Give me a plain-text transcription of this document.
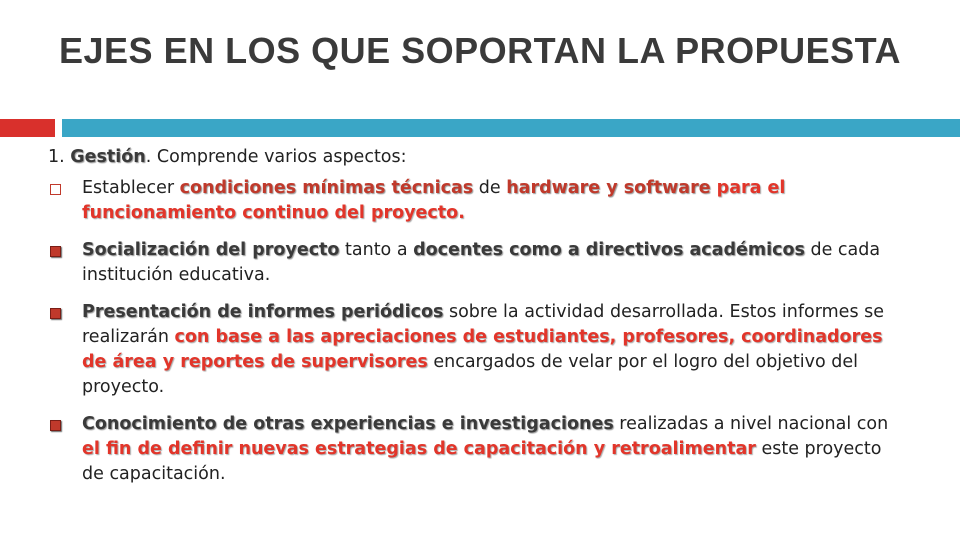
EJES EN LOS QUE SOPORTAN LA PROPUESTA
1. Gestión. Comprende varios aspectos:
Establecer condiciones mínimas técnicas de hardware y software para el funcionamiento continuo del proyecto.
Socialización del proyecto tanto a docentes como a directivos académicos de cada institución educativa.
Presentación de informes periódicos sobre la actividad desarrollada. Estos informes se realizarán con base a las apreciaciones de estudiantes, profesores, coordinadores de área y reportes de supervisores encargados de velar por el logro del objetivo del proyecto.
Conocimiento de otras experiencias e investigaciones realizadas a nivel nacional con el fin de definir nuevas estrategias de capacitación y retroalimentar este proyecto de capacitación.
